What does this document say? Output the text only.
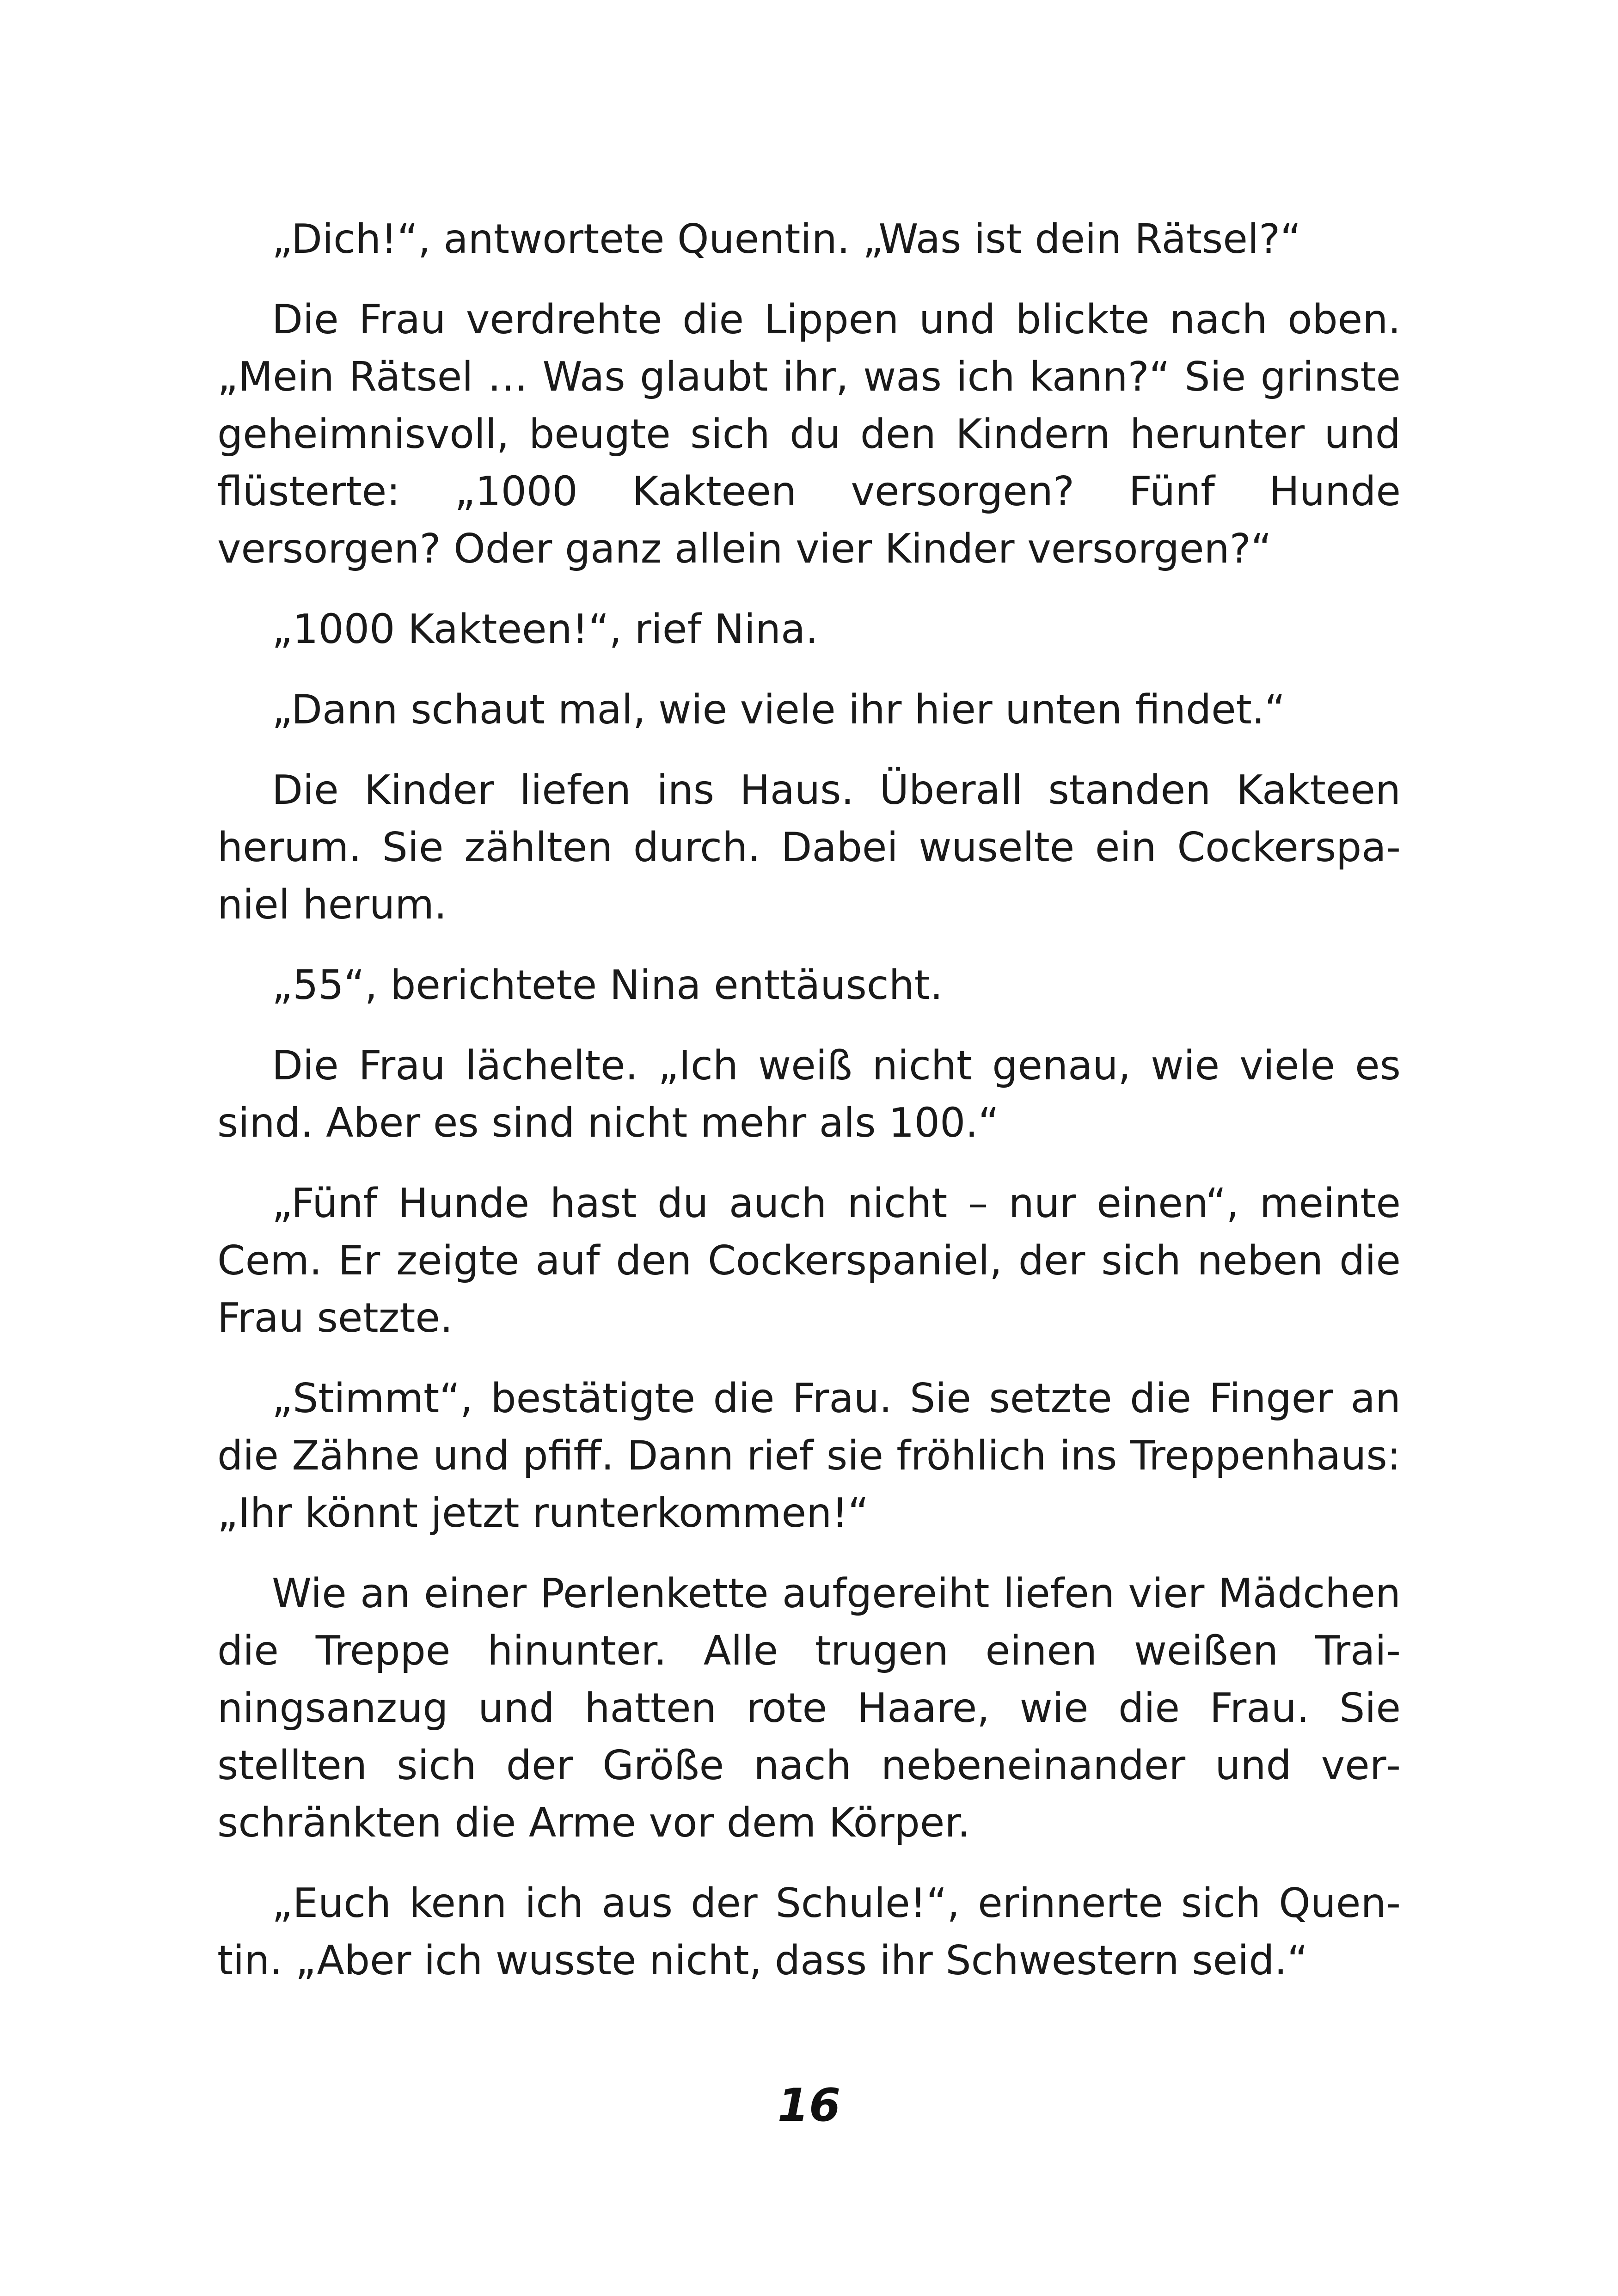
„Dich!“, antwortete Quentin. „Was ist dein Rätsel?“

Die Frau verdrehte die Lippen und blickte nach oben. „Mein Rätsel … Was glaubt ihr, was ich kann?“ Sie grinste geheimnisvoll, beugte sich du den Kindern herunter und flüsterte: „1000 Kakteen versorgen? Fünf Hunde versorgen? Oder ganz allein vier Kinder versorgen?“

„1000 Kakteen!“, rief Nina.

„Dann schaut mal, wie viele ihr hier unten findet.“

Die Kinder liefen ins Haus. Überall standen Kakteen herum. Sie zählten durch. Dabei wuselte ein Cockerspaniel herum.

„55“, berichtete Nina enttäuscht.

Die Frau lächelte. „Ich weiß nicht genau, wie viele es sind. Aber es sind nicht mehr als 100.“

„Fünf Hunde hast du auch nicht – nur einen“, meinte Cem. Er zeigte auf den Cockerspaniel, der sich neben die Frau setzte.

„Stimmt“, bestätigte die Frau. Sie setzte die Finger an die Zähne und pfiff. Dann rief sie fröhlich ins Treppenhaus: „Ihr könnt jetzt runterkommen!“

Wie an einer Perlenkette aufgereiht liefen vier Mädchen die Treppe hinunter. Alle trugen einen weißen Trainingsanzug und hatten rote Haare, wie die Frau. Sie stellten sich der Größe nach nebeneinander und verschränkten die Arme vor dem Körper.

„Euch kenn ich aus der Schule!“, erinnerte sich Quentin. „Aber ich wusste nicht, dass ihr Schwestern seid.“

16
